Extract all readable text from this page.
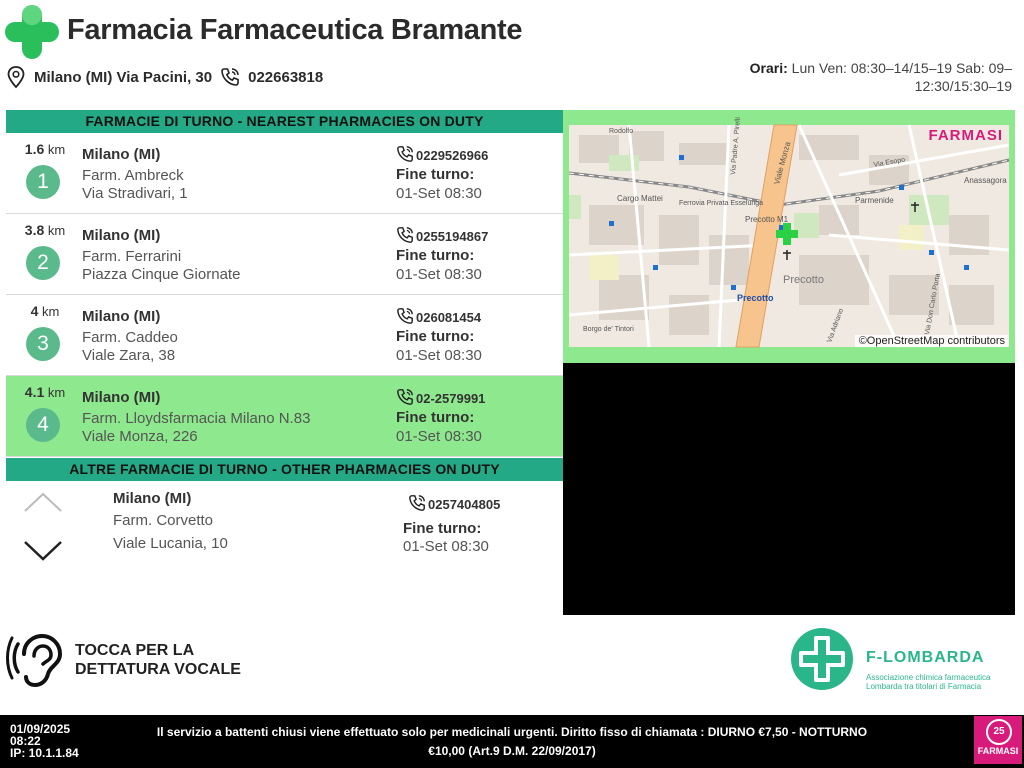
Farmacia Farmaceutica Bramante
Milano (MI) Via Pacini, 30 022663818
Orari: Lun Ven: 08:30–14/15–19 Sab: 09–12:30/15:30–19
FARMACIE DI TURNO - NEAREST PHARMACIES ON DUTY
1.6 km
1
Milano (MI)
Farm. Ambreck
Via Stradivari, 1
0229526966
Fine turno:
01-Set 08:30
3.8 km
2
Milano (MI)
Farm. Ferrarini
Piazza Cinque Giornate
0255194867
Fine turno:
01-Set 08:30
4 km
3
Milano (MI)
Farm. Caddeo
Viale Zara, 38
026081454
Fine turno:
01-Set 08:30
4.1 km
4
Milano (MI)
Farm. Lloydsfarmacia Milano N.83
Viale Monza, 226
02-2579991
Fine turno:
01-Set 08:30
ALTRE FARMACIE DI TURNO - OTHER PHARMACIES ON DUTY
Milano (MI)
Farm. Corvetto
Viale Lucania, 10
0257404805
Fine turno:
01-Set 08:30
Viale Monza
Precotto M1
Precotto
Precotto
Cargo Mattei
Ferrovia Privata Esselunga	Parmenide
Borgo de' Tintori
Via Esopo
Anassagora
Via Don Carlo Porta
Via Adriano
Via Padre A. Pirelli
Rodolfo	FARMASI
©OpenStreetMap contributors
TOCCA PER LA
DETTATURA VOCALE
F-LOMBARDA
Associazione chimica farmaceutica
Lombarda tra titolari di Farmacia
01/09/2025
08:22
IP: 10.1.1.84
Il servizio a battenti chiusi viene effettuato solo per medicinali urgenti. Diritto fisso di chiamata : DIURNO €7,50 - NOTTURNO
€10,00 (Art.9 D.M. 22/09/2017)
25
FARMASI
